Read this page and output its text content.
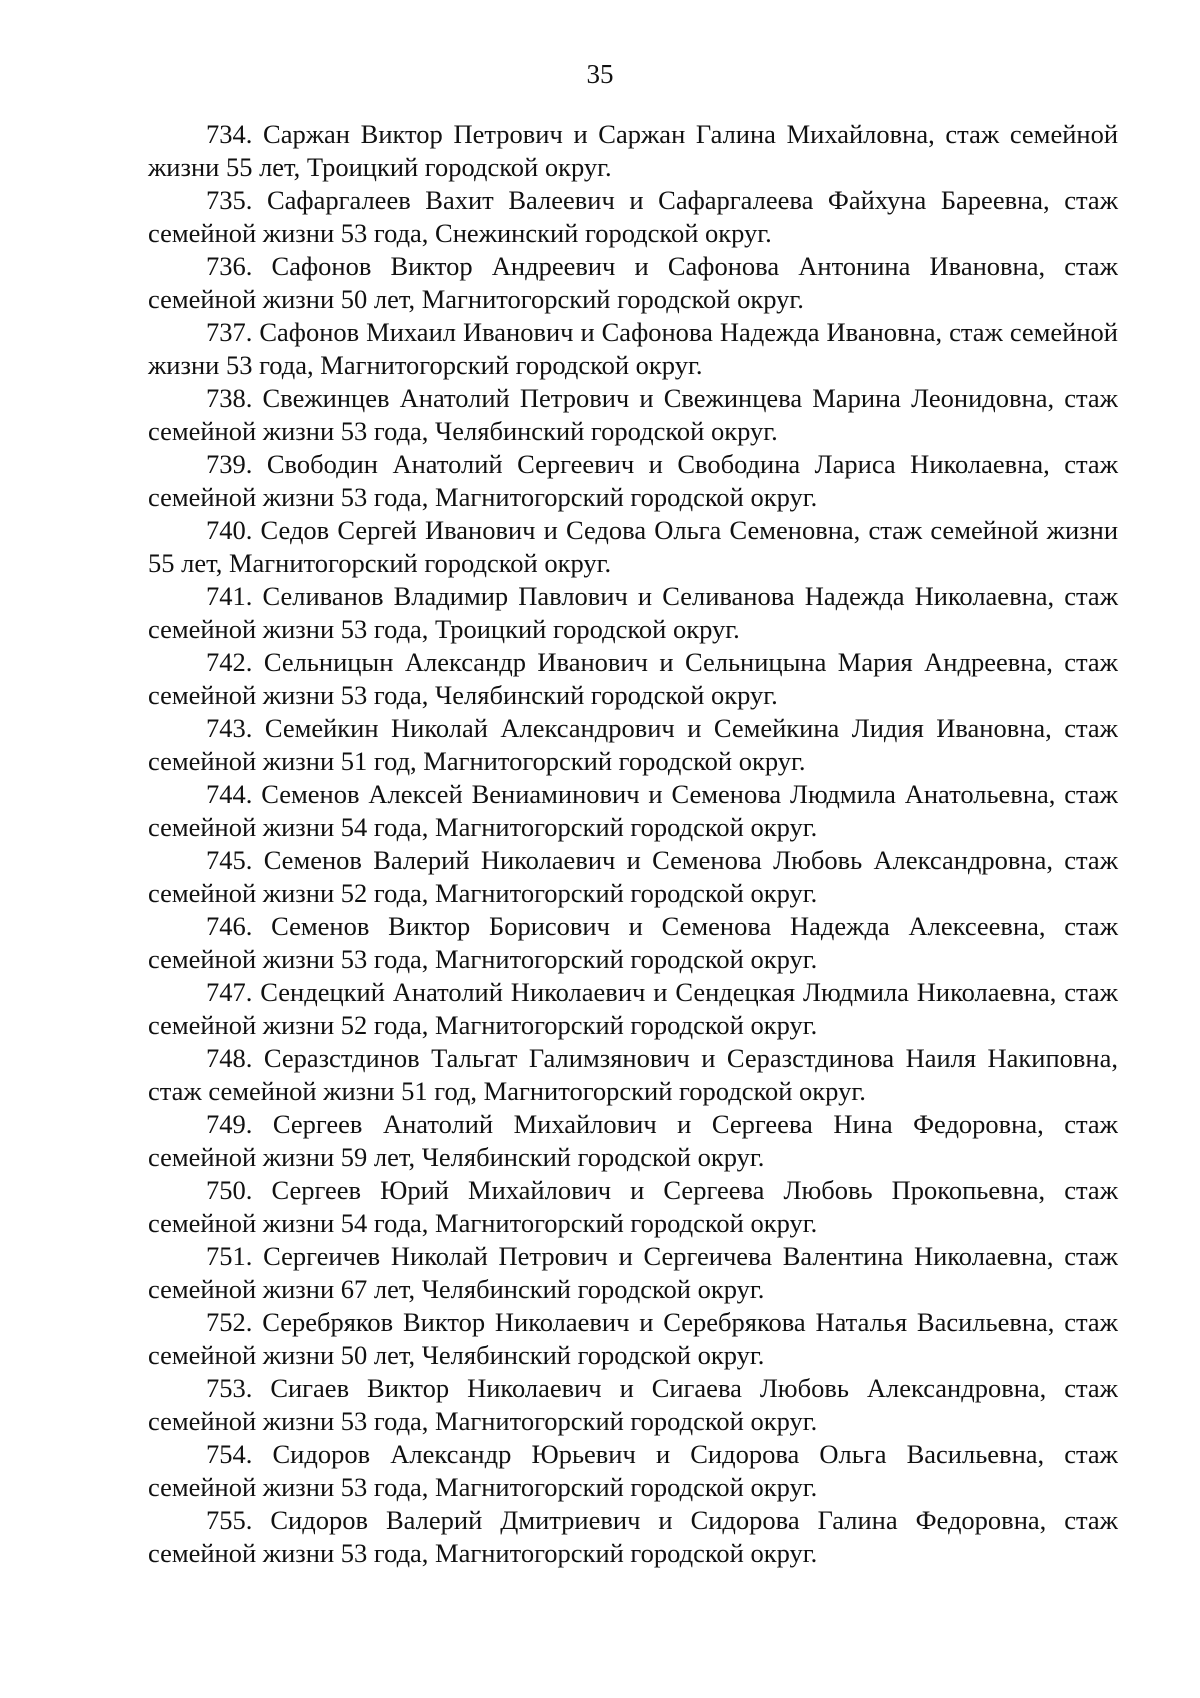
35

734. Саржан Виктор Петрович и Саржан Галина Михайловна, стаж семейной жизни 55 лет, Троицкий городской округ.

735. Сафаргалеев Вахит Валеевич и Сафаргалеева Файхуна Бареевна, стаж семейной жизни 53 года, Снежинский городской округ.

736. Сафонов Виктор Андреевич и Сафонова Антонина Ивановна, стаж семейной жизни 50 лет, Магнитогорский городской округ.

737. Сафонов Михаил Иванович и Сафонова Надежда Ивановна, стаж семейной жизни 53 года, Магнитогорский городской округ.

738. Свежинцев Анатолий Петрович и Свежинцева Марина Леонидовна, стаж семейной жизни 53 года, Челябинский городской округ.

739. Свободин Анатолий Сергеевич и Свободина Лариса Николаевна, стаж семейной жизни 53 года, Магнитогорский городской округ.

740. Седов Сергей Иванович и Седова Ольга Семеновна, стаж семейной жизни 55 лет, Магнитогорский городской округ.

741. Селиванов Владимир Павлович и Селиванова Надежда Николаевна, стаж семейной жизни 53 года, Троицкий городской округ.

742. Сельницын Александр Иванович и Сельницына Мария Андреевна, стаж семейной жизни 53 года, Челябинский городской округ.

743. Семейкин Николай Александрович и Семейкина Лидия Ивановна, стаж семейной жизни 51 год, Магнитогорский городской округ.

744. Семенов Алексей Вениаминович и Семенова Людмила Анатольевна, стаж семейной жизни 54 года, Магнитогорский городской округ.

745. Семенов Валерий Николаевич и Семенова Любовь Александровна, стаж семейной жизни 52 года, Магнитогорский городской округ.

746. Семенов Виктор Борисович и Семенова Надежда Алексеевна, стаж семейной жизни 53 года, Магнитогорский городской округ.

747. Сендецкий Анатолий Николаевич и Сендецкая Людмила Николаевна, стаж семейной жизни 52 года, Магнитогорский городской округ.

748. Серазстдинов Тальгат Галимзянович и Серазстдинова Наиля Накиповна, стаж семейной жизни 51 год, Магнитогорский городской округ.

749. Сергеев Анатолий Михайлович и Сергеева Нина Федоровна, стаж семейной жизни 59 лет, Челябинский городской округ.

750. Сергеев Юрий Михайлович и Сергеева Любовь Прокопьевна, стаж семейной жизни 54 года, Магнитогорский городской округ.

751. Сергеичев Николай Петрович и Сергеичева Валентина Николаевна, стаж семейной жизни 67 лет, Челябинский городской округ.

752. Серебряков Виктор Николаевич и Серебрякова Наталья Васильевна, стаж семейной жизни 50 лет, Челябинский городской округ.

753. Сигаев Виктор Николаевич и Сигаева Любовь Александровна, стаж семейной жизни 53 года, Магнитогорский городской округ.

754. Сидоров Александр Юрьевич и Сидорова Ольга Васильевна, стаж семейной жизни 53 года, Магнитогорский городской округ.

755. Сидоров Валерий Дмитриевич и Сидорова Галина Федоровна, стаж семейной жизни 53 года, Магнитогорский городской округ.
